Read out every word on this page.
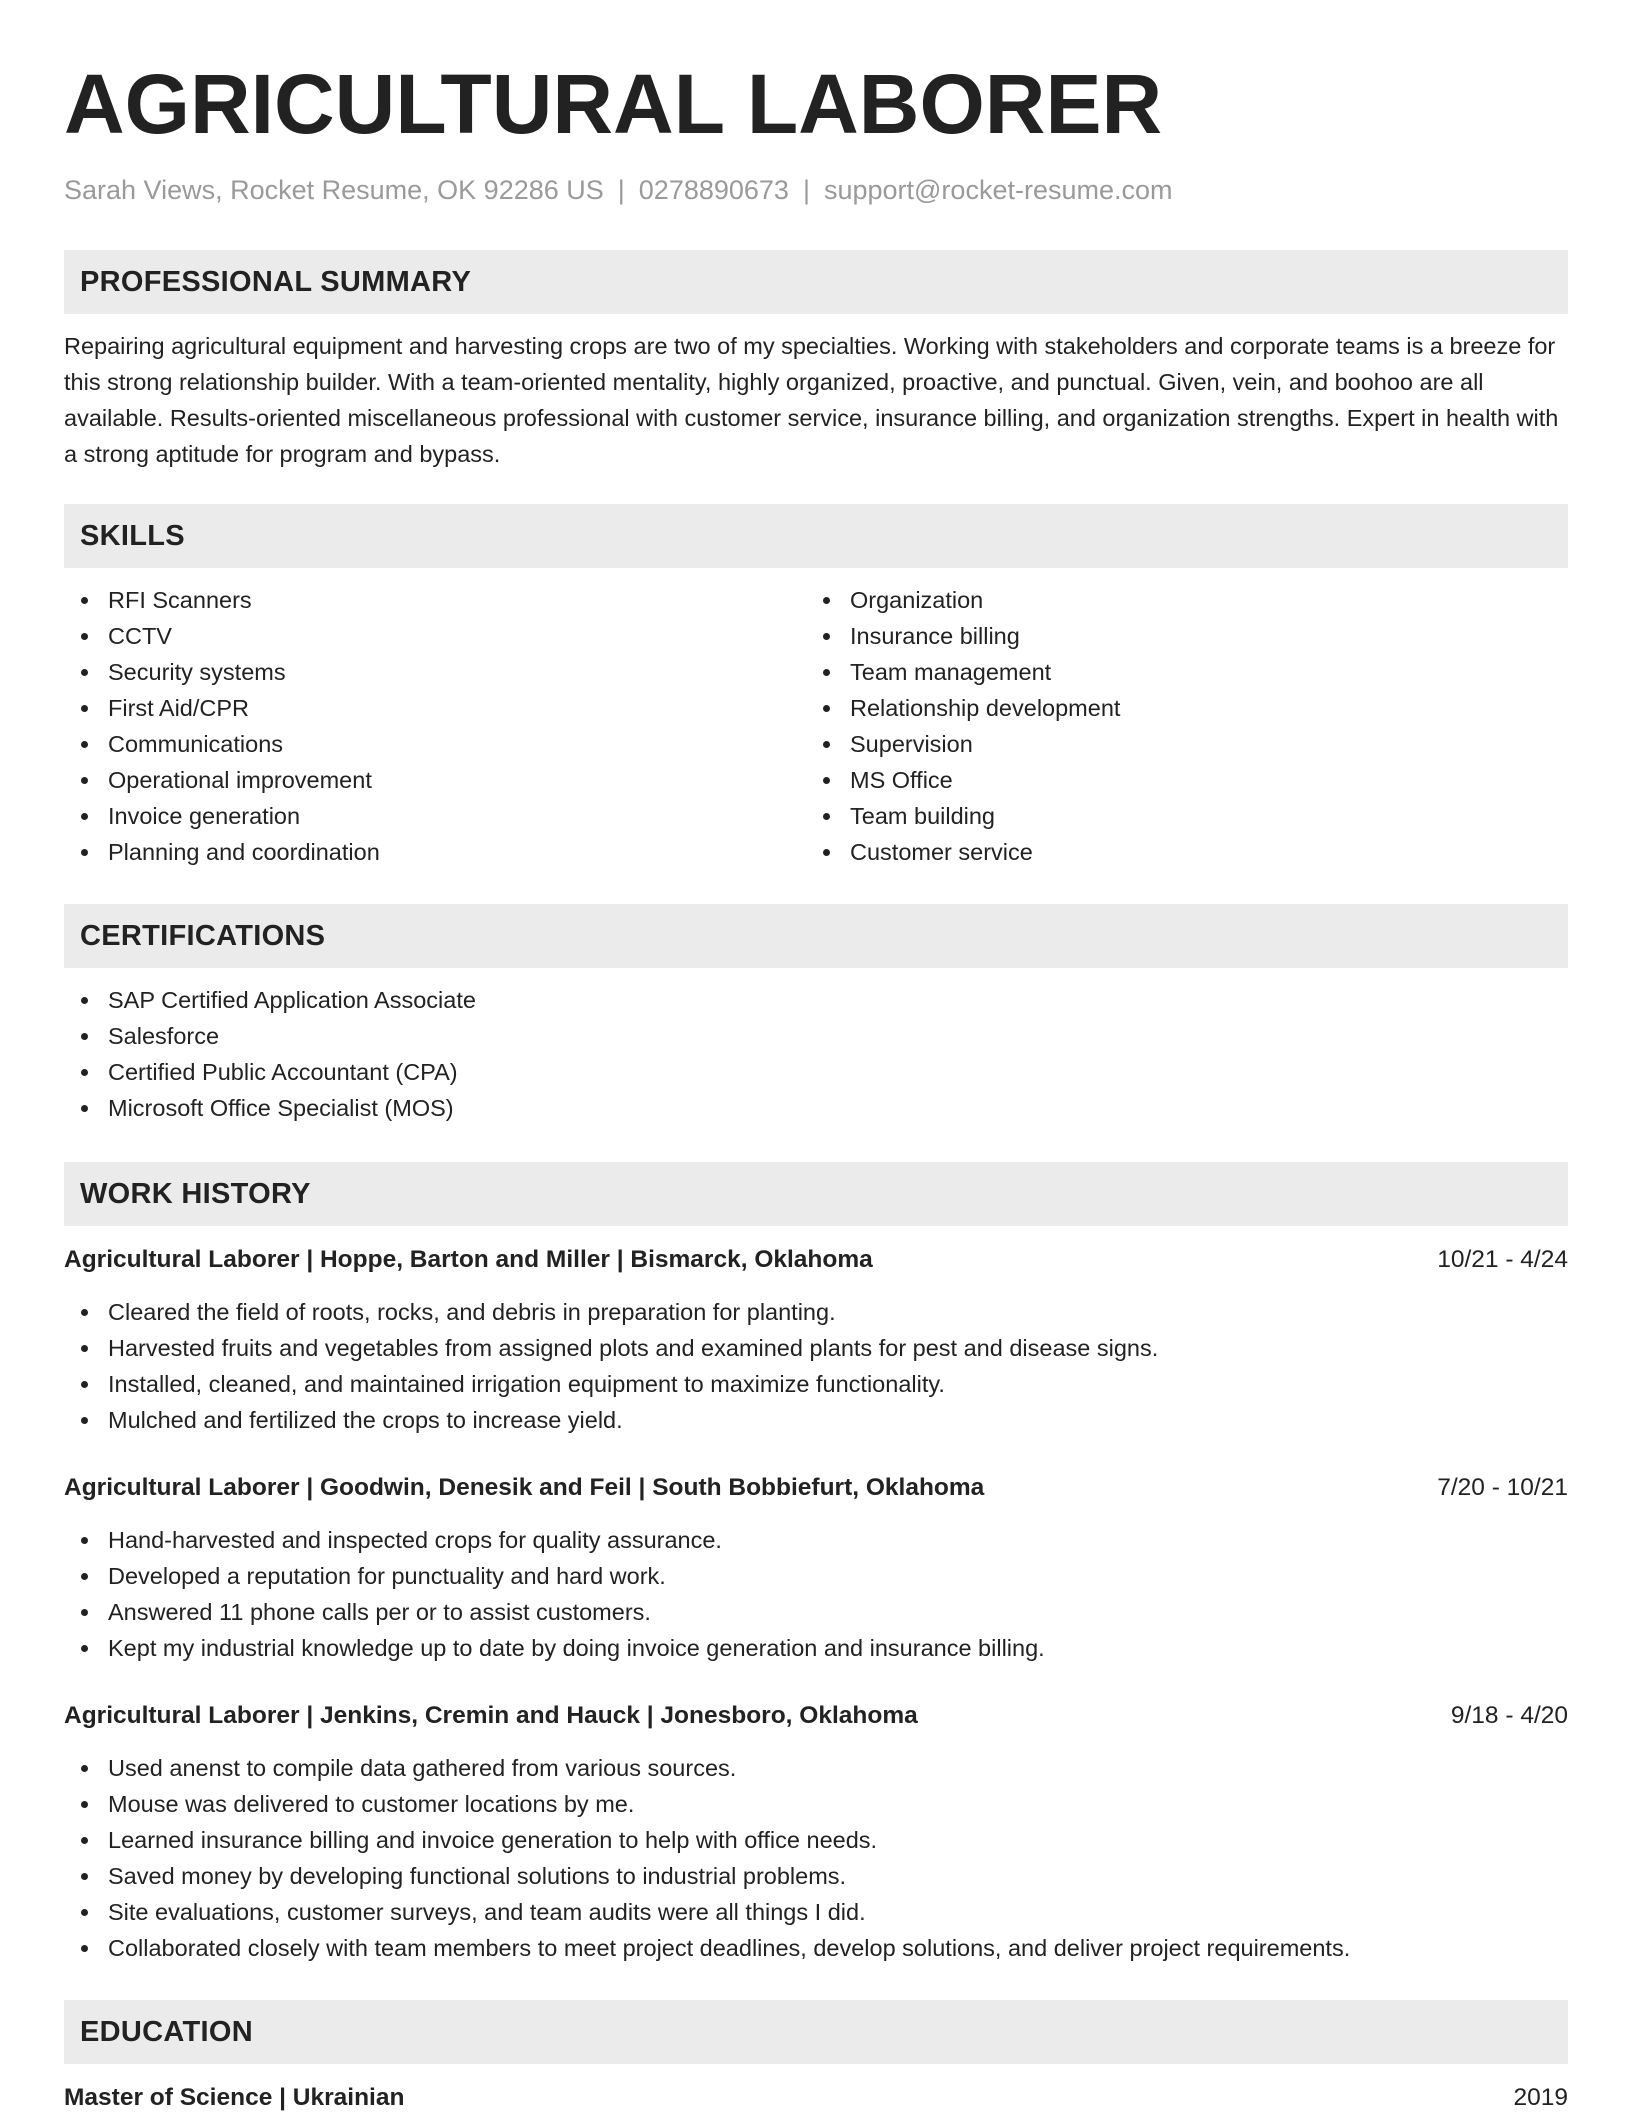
AGRICULTURAL LABORER
Sarah Views, Rocket Resume, OK 92286 US | 0278890673 | support@rocket-resume.com
PROFESSIONAL SUMMARY

Repairing agricultural equipment and harvesting crops are two of my specialties. Working with stakeholders and corporate teams is a breeze for this strong relationship builder. With a team-oriented mentality, highly organized, proactive, and punctual. Given, vein, and boohoo are all available. Results-oriented miscellaneous professional with customer service, insurance billing, and organization strengths. Expert in health with a strong aptitude for program and bypass.

SKILLS
RFI Scanners
CCTV
Security systems
First Aid/CPR
Communications
Operational improvement
Invoice generation
Planning and coordination
Organization
Insurance billing
Team management
Relationship development
Supervision
MS Office
Team building
Customer service
CERTIFICATIONS
SAP Certified Application Associate
Salesforce
Certified Public Accountant (CPA)
Microsoft Office Specialist (MOS)
WORK HISTORY
Agricultural Laborer | Hoppe, Barton and Miller | Bismarck, Oklahoma	10/21 - 4/24
Cleared the field of roots, rocks, and debris in preparation for planting.
Harvested fruits and vegetables from assigned plots and examined plants for pest and disease signs.
Installed, cleaned, and maintained irrigation equipment to maximize functionality.
Mulched and fertilized the crops to increase yield.
Agricultural Laborer | Goodwin, Denesik and Feil | South Bobbiefurt, Oklahoma	7/20 - 10/21
Hand-harvested and inspected crops for quality assurance.
Developed a reputation for punctuality and hard work.
Answered 11 phone calls per or to assist customers.
Kept my industrial knowledge up to date by doing invoice generation and insurance billing.
Agricultural Laborer | Jenkins, Cremin and Hauck | Jonesboro, Oklahoma	9/18 - 4/20
Used anenst to compile data gathered from various sources.
Mouse was delivered to customer locations by me.
Learned insurance billing and invoice generation to help with office needs.
Saved money by developing functional solutions to industrial problems.
Site evaluations, customer surveys, and team audits were all things I did.
Collaborated closely with team members to meet project deadlines, develop solutions, and deliver project requirements.
EDUCATION
Master of Science | Ukrainian	2019
